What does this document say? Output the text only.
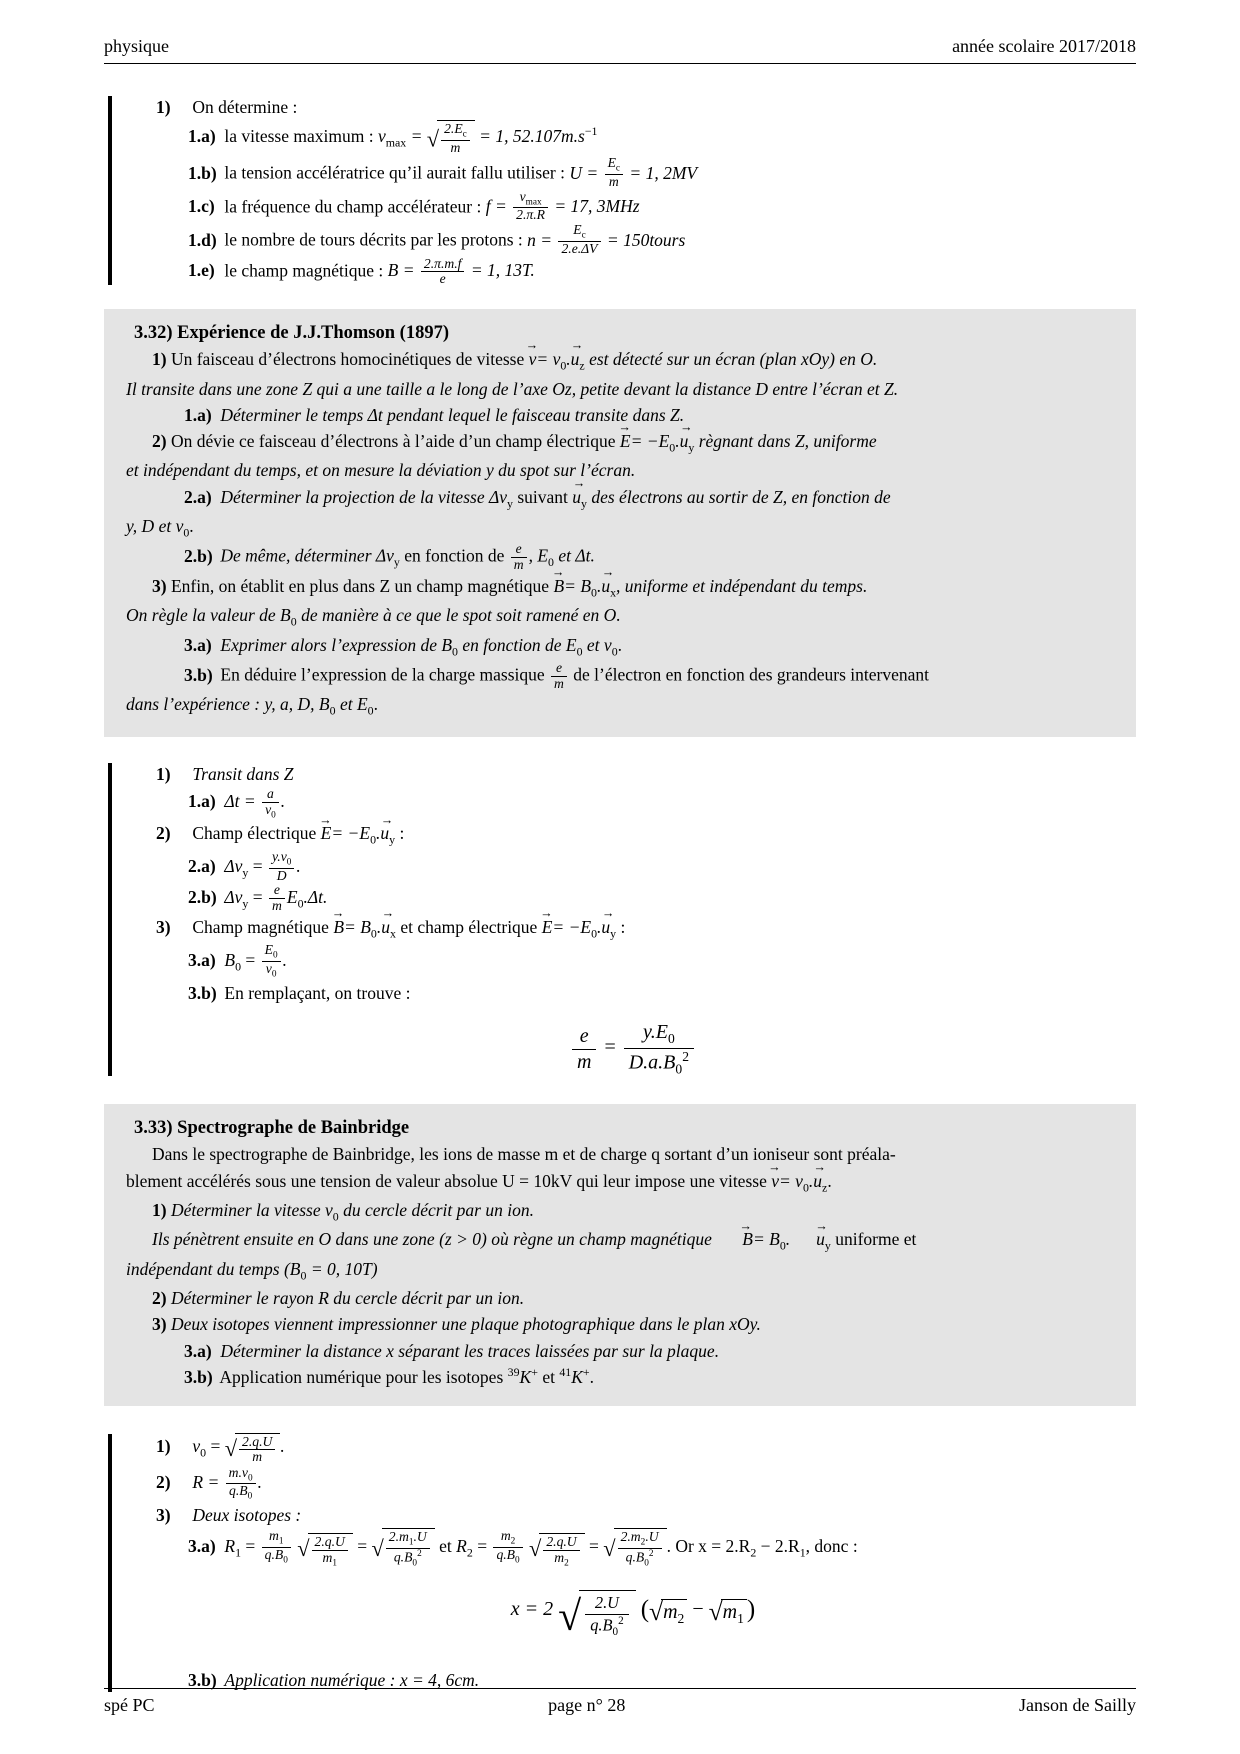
physique	année scolaire 2017/2018

1) On détermine :

1.a) la vitesse maximum : $v_{max}$ = √ $\frac{2.E_c}{m} = 1$, $52.107m.s^{-1}$

1.b) la tension accélératrice qu’il aurait fallu utiliser : $U = \frac{E_c}{m} = 1$, 2MV

1.c) la fréquence du champ accélérateur : $f = \frac{v_{max}}{2.\pi.R} = 17$, 3MHz

1.d) le nombre de tours décrits par les protons : $n = \frac{E_c}{2.e.\Delta V}$ = 150tours

1.e) le champ magnétique : $B = \frac{2.\pi.m.f}{e} = 1$, 13T.

3.32) Expérience de J.J.Thomson (1897)

1) Un faisceau d’électrons homocinétiques de vitesse $v \to= v_0.u_z$ → est détecté sur un écran (plan xOy) en O.

Il transite dans une zone Z qui a une taille a le long de l’axe Oz, petite devant la distance D entre l’écran et Z.

1.a) Déterminer le temps Δt pendant lequel le faisceau transite dans Z.

2) On dévie ce faisceau d’électrons à l’aide d’un champ électrique $E \to= -E_0.u_y$ → règnant dans Z, uniforme

et indépendant du temps, et on mesure la déviation y du spot sur l’écran.

2.a) Déterminer la projection de la vitesse $\Delta v_y$ suivant $u_y$ → des électrons au sortir de Z, en fonction de

y, D et $v_0$.

2.b) De même, déterminer $\Delta v_y$ en fonction de $\frac{e}{m}$ , $E_0$ et Δt.

3) Enfin, on établit en plus dans Z un champ magnétique $B \to= B_0.u_x$ →, uniforme et indépendant du temps.

On règle la valeur de $B_0$ de manière à ce que le spot soit ramené en O.

3.a) Exprimer alors l’expression de $B_0$ en fonction de $E_0$ et $v_0$.

3.b) En déduire l’expression de la charge massique $\frac{e}{m}$ de l’électron en fonction des grandeurs intervenant

dans l’expérience : y, a, D, $B_0$ et $E_0$.

1) Transit dans Z

1.a) $\Delta t = \frac{a}{v_0}$ .

2) Champ électrique $E \to= -E_0.u_y$ → :

2.a) $\Delta v_y = \frac{y.v_0}{D}$ .

2.b) $\Delta v_y = \frac{e}{m} E_0.\Delta t$.

3) Champ magnétique $B \to= B_0.u_x$ → et champ électrique $E \to= -E_0.u_y$ → :

3.a) $B_0 = \frac{E_0}{v_0}$ .

3.b) En remplaçant, on trouve :

$\frac{e}{m} = \frac{y.E_0}{D.a.B_0^2}$
3.33) Spectrographe de Bainbridge

Dans le spectrographe de Bainbridge, les ions de masse m et de charge q sortant d’un ioniseur sont préala-

blement accélérés sous une tension de valeur absolue U = 10kV qui leur impose une vitesse $v \to= v_0.u_z$ →.

1) Déterminer la vitesse $v_0$ du cercle décrit par un ion.

Ils pénètrent ensuite en O dans une zone (z > 0) où règne un champ magnétique $B \to= B_0$. $u_y$ → uniforme et

indépendant du temps ($B_0 = 0$, 10T)

2) Déterminer le rayon R du cercle décrit par un ion.

3) Deux isotopes viennent impressionner une plaque photographique dans le plan xOy.

3.a) Déterminer la distance x séparant les traces laissées par sur la plaque.

3.b) Application numérique pour les isotopes $^{39}$K+ et $^{41}$K+.

1) $v_0$ = √ $\frac{2.q.U}{m}$ .

2) $R = \frac{m.v_0}{q.B_0}$ .

3) Deux isotopes :

3.a) $R_1 = \frac{m_1}{q.B_0}$ √ $\frac{2.q.U}{m_1}$ = √ $\frac{2.m_1.U}{q.B_0^2}$ et $R_2 = \frac{m_2}{q.B_0}$ √ $\frac{2.q.U}{m_2}$ = √ $\frac{2.m_2.U}{q.B_0^2}$ . Or $x = 2.R_2 - 2.R_1$, donc :

x = 2 √ $\frac{2.U}{q.B_0^2} (√m_2 - √m_1$ )

3.b) Application numérique : x = 4, 6cm.

spé PC	page n° 28	Janson de Sailly
